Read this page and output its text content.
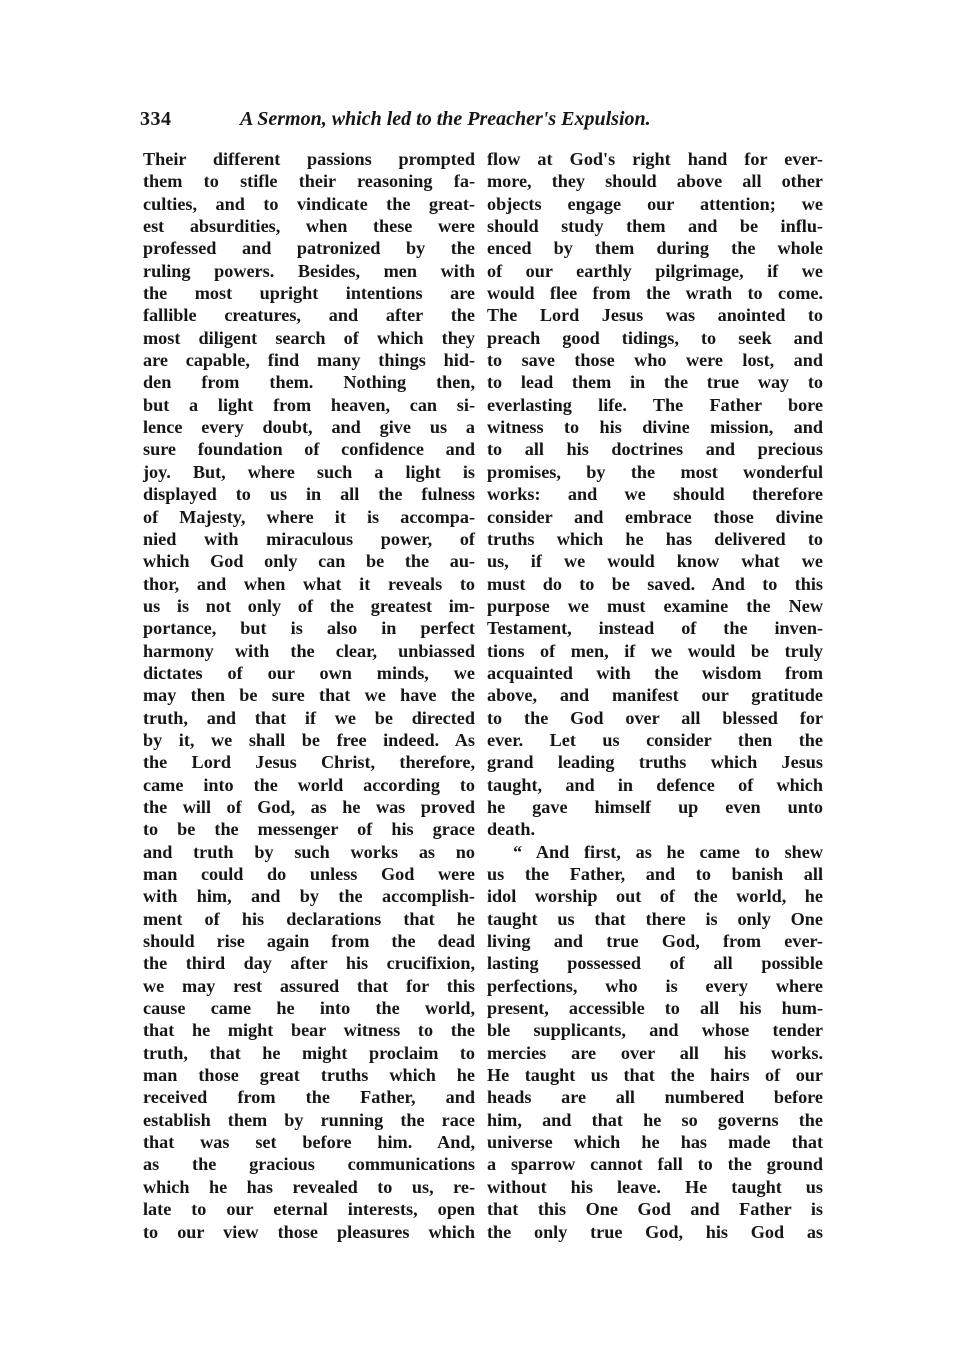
334	A Sermon, which led to the Preacher's Expulsion.
Their different passions prompted
them to stifle their reasoning fa-
culties, and to vindicate the great-
est absurdities, when these were
professed and patronized by the
ruling powers. Besides, men with
the most upright intentions are
fallible creatures, and after the
most diligent search of which they
are capable, find many things hid-
den from them. Nothing then,
but a light from heaven, can si-
lence every doubt, and give us a
sure foundation of confidence and
joy. But, where such a light is
displayed to us in all the fulness
of Majesty, where it is accompa-
nied with miraculous power, of
which God only can be the au-
thor, and when what it reveals to
us is not only of the greatest im-
portance, but is also in perfect
harmony with the clear, unbiassed
dictates of our own minds, we
may then be sure that we have the
truth, and that if we be directed
by it, we shall be free indeed. As
the Lord Jesus Christ, therefore,
came into the world according to
the will of God, as he was proved
to be the messenger of his grace
and truth by such works as no
man could do unless God were
with him, and by the accomplish-
ment of his declarations that he
should rise again from the dead
the third day after his crucifixion,
we may rest assured that for this
cause came he into the world,
that he might bear witness to the
truth, that he might proclaim to
man those great truths which he
received from the Father, and
establish them by running the race
that was set before him. And,
as the gracious communications
which he has revealed to us, re-
late to our eternal interests, open
to our view those pleasures which
flow at God's right hand for ever-
more, they should above all other
objects engage our attention; we
should study them and be influ-
enced by them during the whole
of our earthly pilgrimage, if we
would flee from the wrath to come.
The Lord Jesus was anointed to
preach good tidings, to seek and
to save those who were lost, and
to lead them in the true way to
everlasting life. The Father bore
witness to his divine mission, and
to all his doctrines and precious
promises, by the most wonderful
works: and we should therefore
consider and embrace those divine
truths which he has delivered to
us, if we would know what we
must do to be saved. And to this
purpose we must examine the New
Testament, instead of the inven-
tions of men, if we would be truly
acquainted with the wisdom from
above, and manifest our gratitude
to the God over all blessed for
ever. Let us consider then the
grand leading truths which Jesus
taught, and in defence of which
he gave himself up even unto
death.
“ And first, as he came to shew
us the Father, and to banish all
idol worship out of the world, he
taught us that there is only One
living and true God, from ever-
lasting possessed of all possible
perfections, who is every where
present, accessible to all his hum-
ble supplicants, and whose tender
mercies are over all his works.
He taught us that the hairs of our
heads are all numbered before
him, and that he so governs the
universe which he has made that
a sparrow cannot fall to the ground
without his leave. He taught us
that this One God and Father is
the only true God, his God as
